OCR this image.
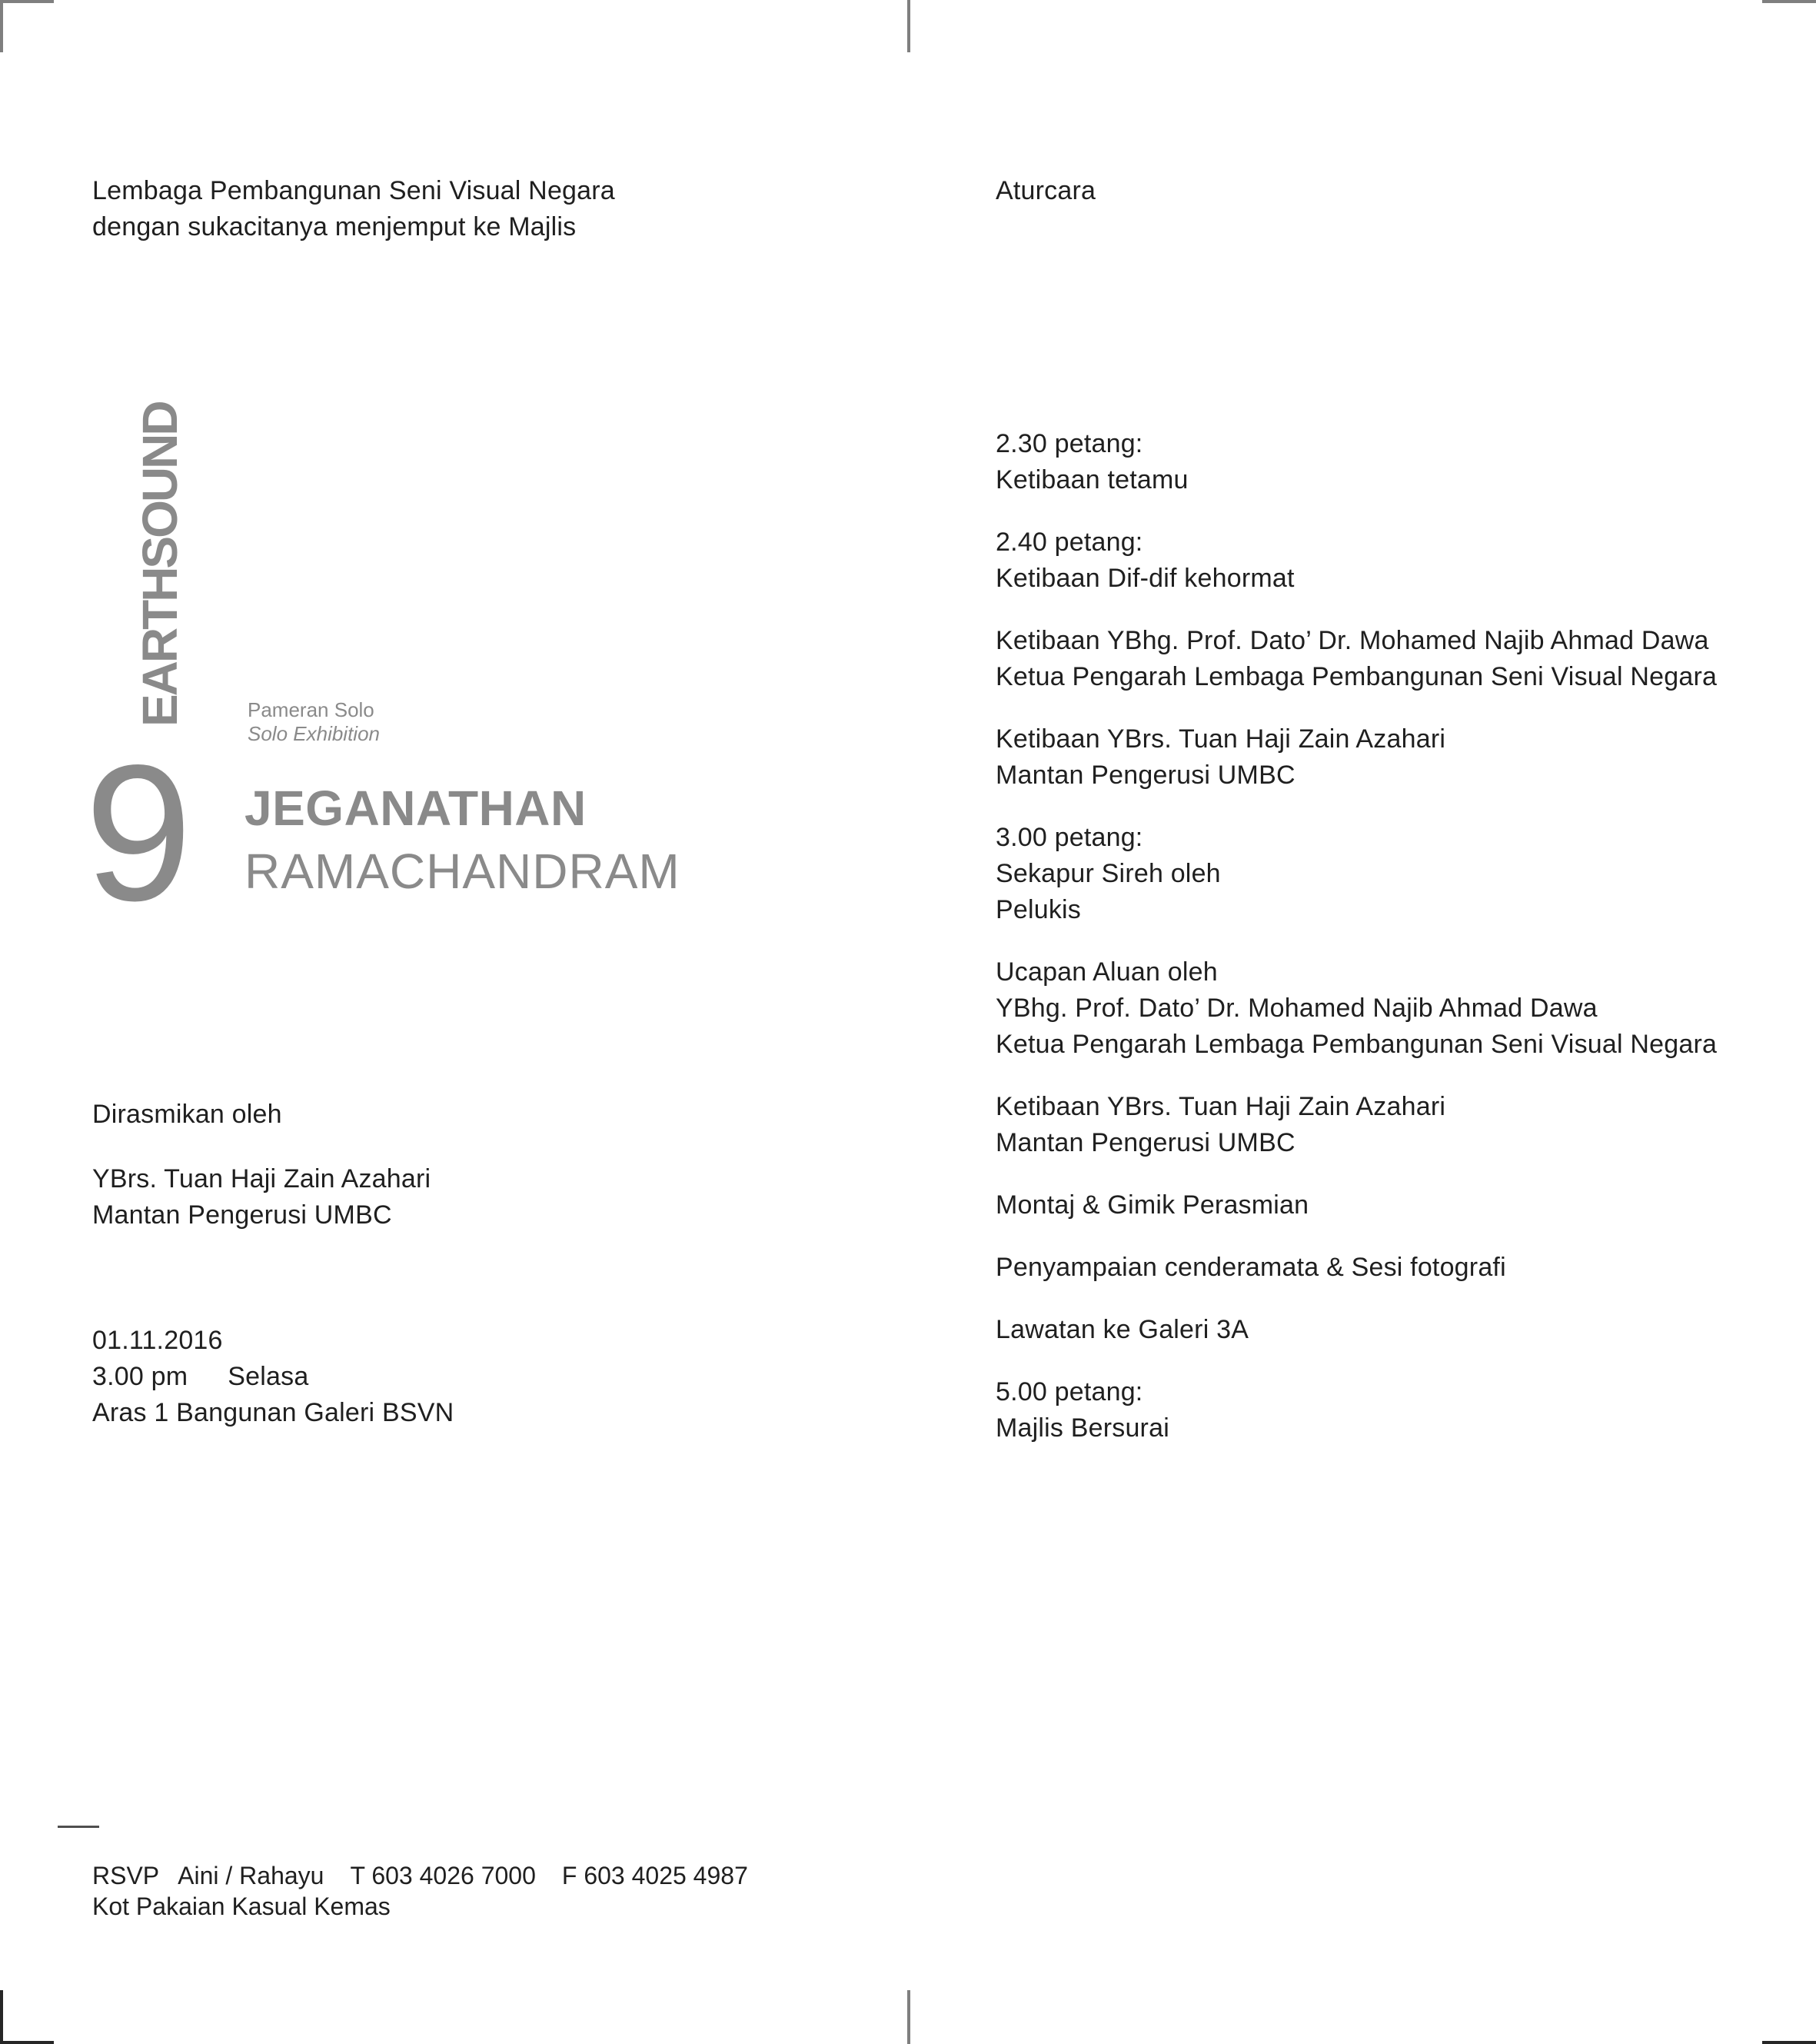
Lembaga Pembangunan Seni Visual Negara
dengan sukacitanya menjemput ke Majlis
Aturcara
EARTHSOUND
9
Pameran Solo
Solo Exhibition
JEGANATHAN
RAMACHANDRAM

Dirasmikan oleh

YBrs. Tuan Haji Zain Azahari
Mantan Pengerusi UMBC

01.11.2016
3.00 pm Selasa
Aras 1 Bangunan Galeri BSVN

2.30 petang:
Ketibaan tetamu
2.40 petang:
Ketibaan Dif-dif kehormat
Ketibaan YBhg. Prof. Dato’ Dr. Mohamed Najib Ahmad Dawa
Ketua Pengarah Lembaga Pembangunan Seni Visual Negara
Ketibaan YBrs. Tuan Haji Zain Azahari
Mantan Pengerusi UMBC
3.00 petang:
Sekapur Sireh oleh
Pelukis
Ucapan Aluan oleh
YBhg. Prof. Dato’ Dr. Mohamed Najib Ahmad Dawa
Ketua Pengarah Lembaga Pembangunan Seni Visual Negara
Ketibaan YBrs. Tuan Haji Zain Azahari
Mantan Pengerusi UMBC
Montaj & Gimik Perasmian
Penyampaian cenderamata & Sesi fotografi
Lawatan ke Galeri 3A
5.00 petang:
Majlis Bersurai
RSVP Aini / Rahayu T 603 4026 7000 F 603 4025 4987
Kot Pakaian Kasual Kemas
